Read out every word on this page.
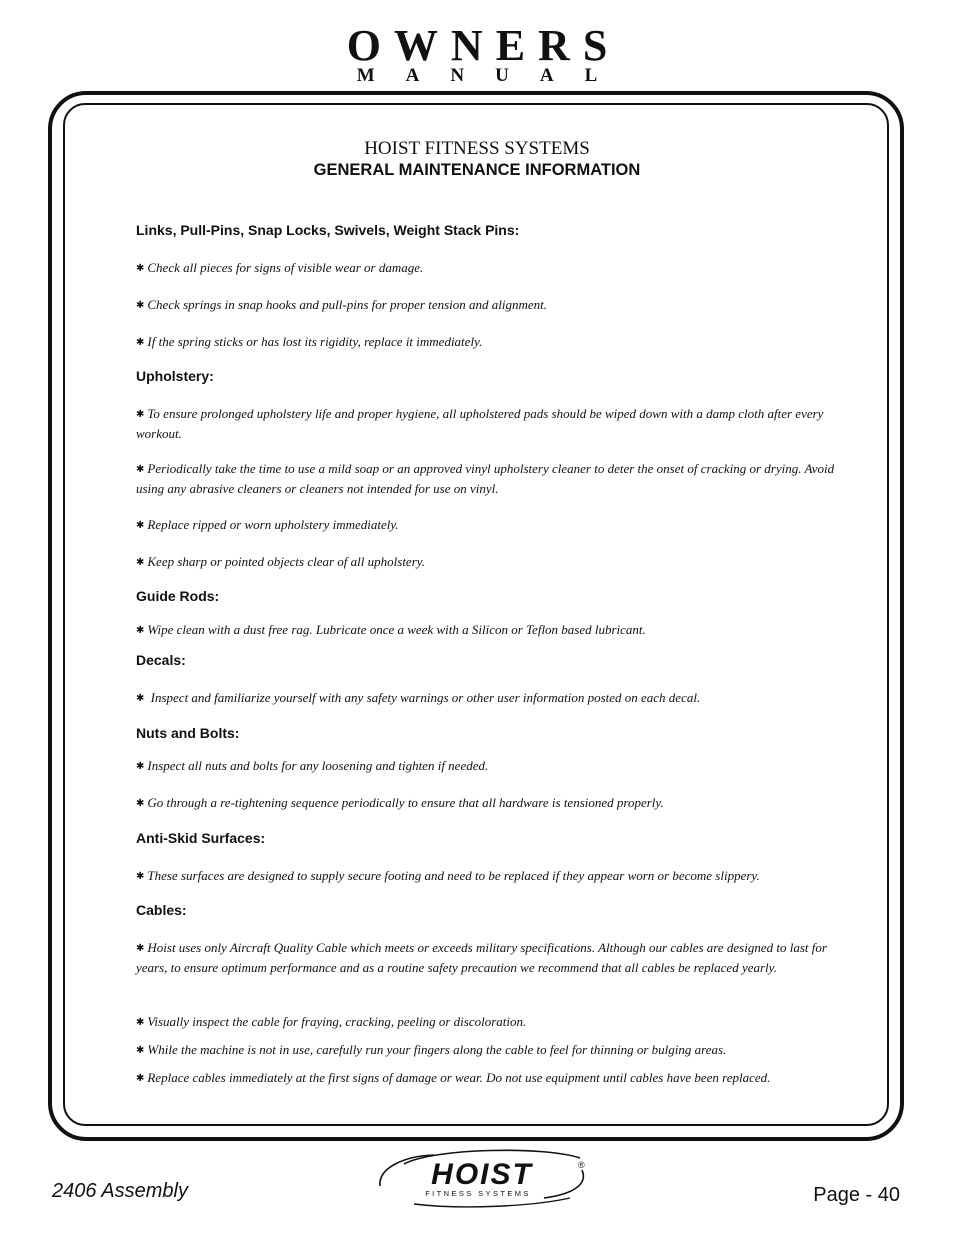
OWNERS
MANUAL
HOIST FITNESS SYSTEMS
GENERAL MAINTENANCE INFORMATION
Links, Pull-Pins, Snap Locks, Swivels, Weight Stack Pins:
✱ Check all pieces for signs of visible wear or damage.
✱ Check springs in snap hooks and pull-pins for proper tension and alignment.
✱ If the spring sticks or has lost its rigidity, replace it immediately.
Upholstery:
✱ To ensure prolonged upholstery life and proper hygiene, all upholstered pads should be wiped down with a damp cloth after every workout.
✱ Periodically take the time to use a mild soap or an approved vinyl upholstery cleaner to deter the onset of cracking or drying. Avoid using any abrasive cleaners or cleaners not intended for use on vinyl.
✱ Replace ripped or worn upholstery immediately.
✱ Keep sharp or pointed objects clear of all upholstery.
Guide Rods:
✱ Wipe clean with a dust free rag. Lubricate once a week with a Silicon or Teflon based lubricant.
Decals:
✱ Inspect and familiarize yourself with any safety warnings or other user information posted on each decal.
Nuts and Bolts:
✱ Inspect all nuts and bolts for any loosening and tighten if needed.
✱ Go through a re-tightening sequence periodically to ensure that all hardware is tensioned properly.
Anti-Skid Surfaces:
✱ These surfaces are designed to supply secure footing and need to be replaced if they appear worn or become slippery.
Cables:
✱ Hoist uses only Aircraft Quality Cable which meets or exceeds military specifications. Although our cables are designed to last for years, to ensure optimum performance and as a routine safety precaution we recommend that all cables be replaced yearly.
✱ Visually inspect the cable for fraying, cracking, peeling or discoloration.
✱ While the machine is not in use, carefully run your fingers along the cable to feel for thinning or bulging areas.
✱ Replace cables immediately at the first signs of damage or wear. Do not use equipment until cables have been replaced.
2406 Assembly	Page - 40
HOIST	®
FITNESS SYSTEMS
